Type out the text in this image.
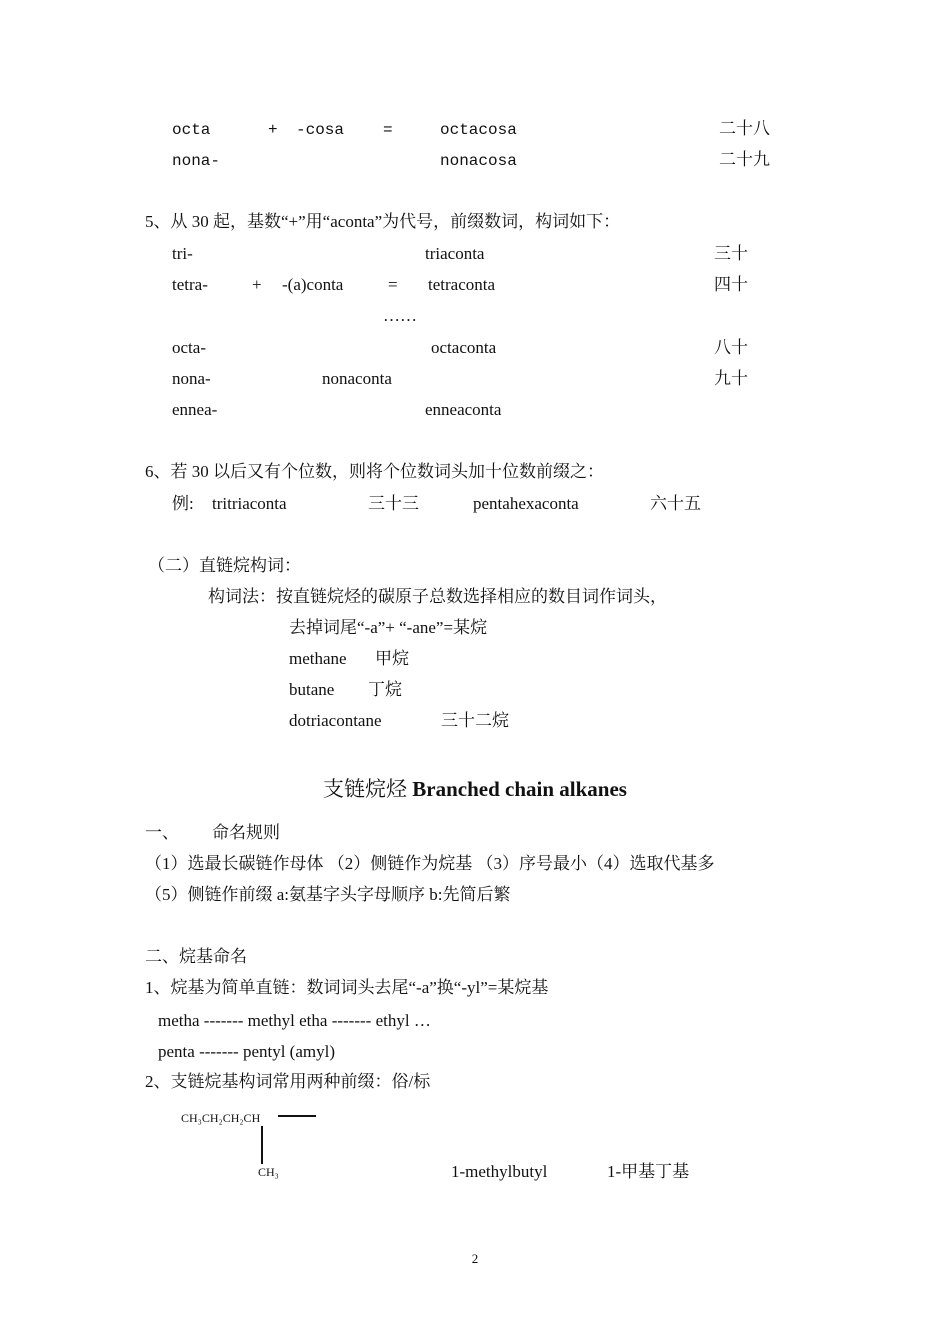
octa	+ -cosa =	octacosa	二十八
nona-	nonacosa	二十九
5、从 30 起，基数“+”用“aconta”为代号，前缀数词，构词如下：
tri-	triaconta	三十
tetra-	+ -(a)conta	= tetraconta	四十
……
octa-	octaconta	八十
nona-	nonaconta	九十
ennea-	enneaconta
6、若 30 以后又有个位数，则将个位数词头加十位数前缀之：
例: tritriaconta	三十三	pentahexaconta	六十五
（二）直链烷构词：
构词法：按直链烷烃的碳原子总数选择相应的数目词作词头，
去掉词尾“-a”+ “-ane”=某烷
methane 甲烷
butane 丁烷
dotriacontane	三十二烷
支链烷烃 Branched chain alkanes
一、 命名规则
（1）选最长碳链作母体 （2）侧链作为烷基 （3）序号最小（4）选取代基多
（5）侧链作前缀 a:氨基字头字母顺序 b:先简后繁
二、烷基命名
1、烷基为简单直链：数词词头去尾“-a”换“-yl”=某烷基
metha ------- methyl etha ------- ethyl …
penta ------- pentyl (amyl)
2、支链烷基构词常用两种前缀：俗/标
CH₃CH₂CH₂CH
CH₃	1-methylbutyl	1-甲基丁基
2
